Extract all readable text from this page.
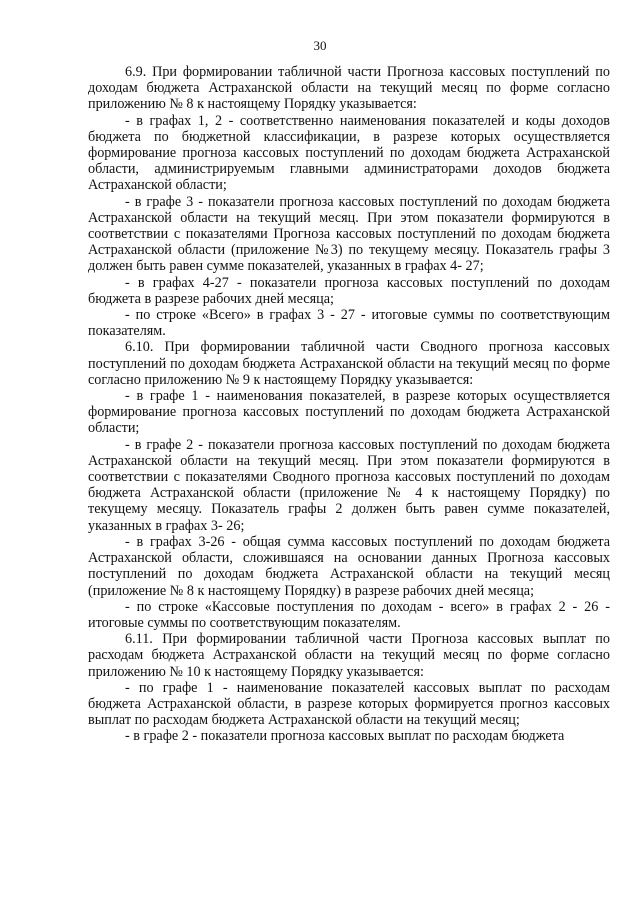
30

6.9. При формировании табличной части Прогноза кассовых поступлений по доходам бюджета Астраханской области на текущий месяц по форме согласно приложению № 8 к настоящему Порядку указывается:

- в графах 1, 2 - соответственно наименования показателей и коды доходов бюджета по бюджетной классификации, в разрезе которых осуществляется формирование прогноза кассовых поступлений по доходам бюджета Астраханской области, администрируемым главными администраторами доходов бюджета Астраханской области;

- в графе 3 - показатели прогноза кассовых поступлений по доходам бюджета Астраханской области на текущий месяц. При этом показатели формируются в соответствии с показателями Прогноза кассовых поступлений по доходам бюджета Астраханской области (приложение №3) по текущему месяцу. Показатель графы 3 должен быть равен сумме показателей, указанных в графах 4- 27;

- в графах 4-27 - показатели прогноза кассовых поступлений по доходам бюджета в разрезе рабочих дней месяца;

- по строке «Всего» в графах 3 - 27 - итоговые суммы по соответствующим показателям.

6.10. При формировании табличной части Сводного прогноза кассовых поступлений по доходам бюджета Астраханской области на текущий месяц по форме согласно приложению № 9 к настоящему Порядку указывается:

- в графе 1 - наименования показателей, в разрезе которых осуществляется формирование прогноза кассовых поступлений по доходам бюджета Астраханской области;

- в графе 2 - показатели прогноза кассовых поступлений по доходам бюджета Астраханской области на текущий месяц. При этом показатели формируются в соответствии с показателями Сводного прогноза кассовых поступлений по доходам бюджета Астраханской области (приложение № 4 к настоящему Порядку) по текущему месяцу. Показатель графы 2 должен быть равен сумме показателей, указанных в графах 3- 26;

- в графах 3-26 - общая сумма кассовых поступлений по доходам бюджета Астраханской области, сложившаяся на основании данных Прогноза кассовых поступлений по доходам бюджета Астраханской области на текущий месяц (приложение № 8 к настоящему Порядку) в разрезе рабочих дней месяца;

- по строке «Кассовые поступления по доходам - всего» в графах 2 - 26 - итоговые суммы по соответствующим показателям.

6.11. При формировании табличной части Прогноза кассовых выплат по расходам бюджета Астраханской области на текущий месяц по форме согласно приложению № 10 к настоящему Порядку указывается:

- по графе 1 - наименование показателей кассовых выплат по расходам бюджета Астраханской области, в разрезе которых формируется прогноз кассовых выплат по расходам бюджета Астраханской области на текущий месяц;

- в графе 2 - показатели прогноза кассовых выплат по расходам бюджета
